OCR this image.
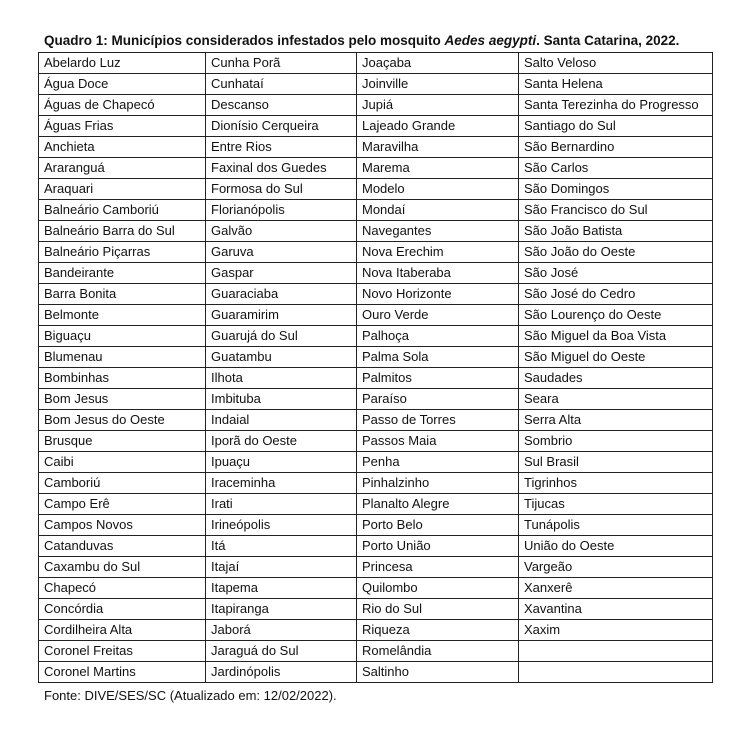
Quadro 1: Municípios considerados infestados pelo mosquito Aedes aegypti. Santa Catarina, 2022.
Abelardo Luz	Cunha Porã	Joaçaba	Salto Veloso
Água Doce	Cunhataí	Joinville	Santa Helena
Águas de Chapecó	Descanso	Jupiá	Santa Terezinha do Progresso
Águas Frias	Dionísio Cerqueira	Lajeado Grande	Santiago do Sul
Anchieta	Entre Rios	Maravilha	São Bernardino
Araranguá	Faxinal dos Guedes	Marema	São Carlos
Araquari	Formosa do Sul	Modelo	São Domingos
Balneário Camboriú	Florianópolis	Mondaí	São Francisco do Sul
Balneário Barra do Sul	Galvão	Navegantes	São João Batista
Balneário Piçarras	Garuva	Nova Erechim	São João do Oeste
Bandeirante	Gaspar	Nova Itaberaba	São José
Barra Bonita	Guaraciaba	Novo Horizonte	São José do Cedro
Belmonte	Guaramirim	Ouro Verde	São Lourenço do Oeste
Biguaçu	Guarujá do Sul	Palhoça	São Miguel da Boa Vista
Blumenau	Guatambu	Palma Sola	São Miguel do Oeste
Bombinhas	Ilhota	Palmitos	Saudades
Bom Jesus	Imbituba	Paraíso	Seara
Bom Jesus do Oeste	Indaial	Passo de Torres	Serra Alta
Brusque	Iporã do Oeste	Passos Maia	Sombrio
Caibi	Ipuaçu	Penha	Sul Brasil
Camboriú	Iraceminha	Pinhalzinho	Tigrinhos
Campo Erê	Irati	Planalto Alegre	Tijucas
Campos Novos	Irineópolis	Porto Belo	Tunápolis
Catanduvas	Itá	Porto União	União do Oeste
Caxambu do Sul	Itajaí	Princesa	Vargeão
Chapecó	Itapema	Quilombo	Xanxerê
Concórdia	Itapiranga	Rio do Sul	Xavantina
Cordilheira Alta	Jaborá	Riqueza	Xaxim
Coronel Freitas	Jaraguá do Sul	Romelândia	
Coronel Martins	Jardinópolis	Saltinho	
Fonte: DIVE/SES/SC (Atualizado em: 12/02/2022).
